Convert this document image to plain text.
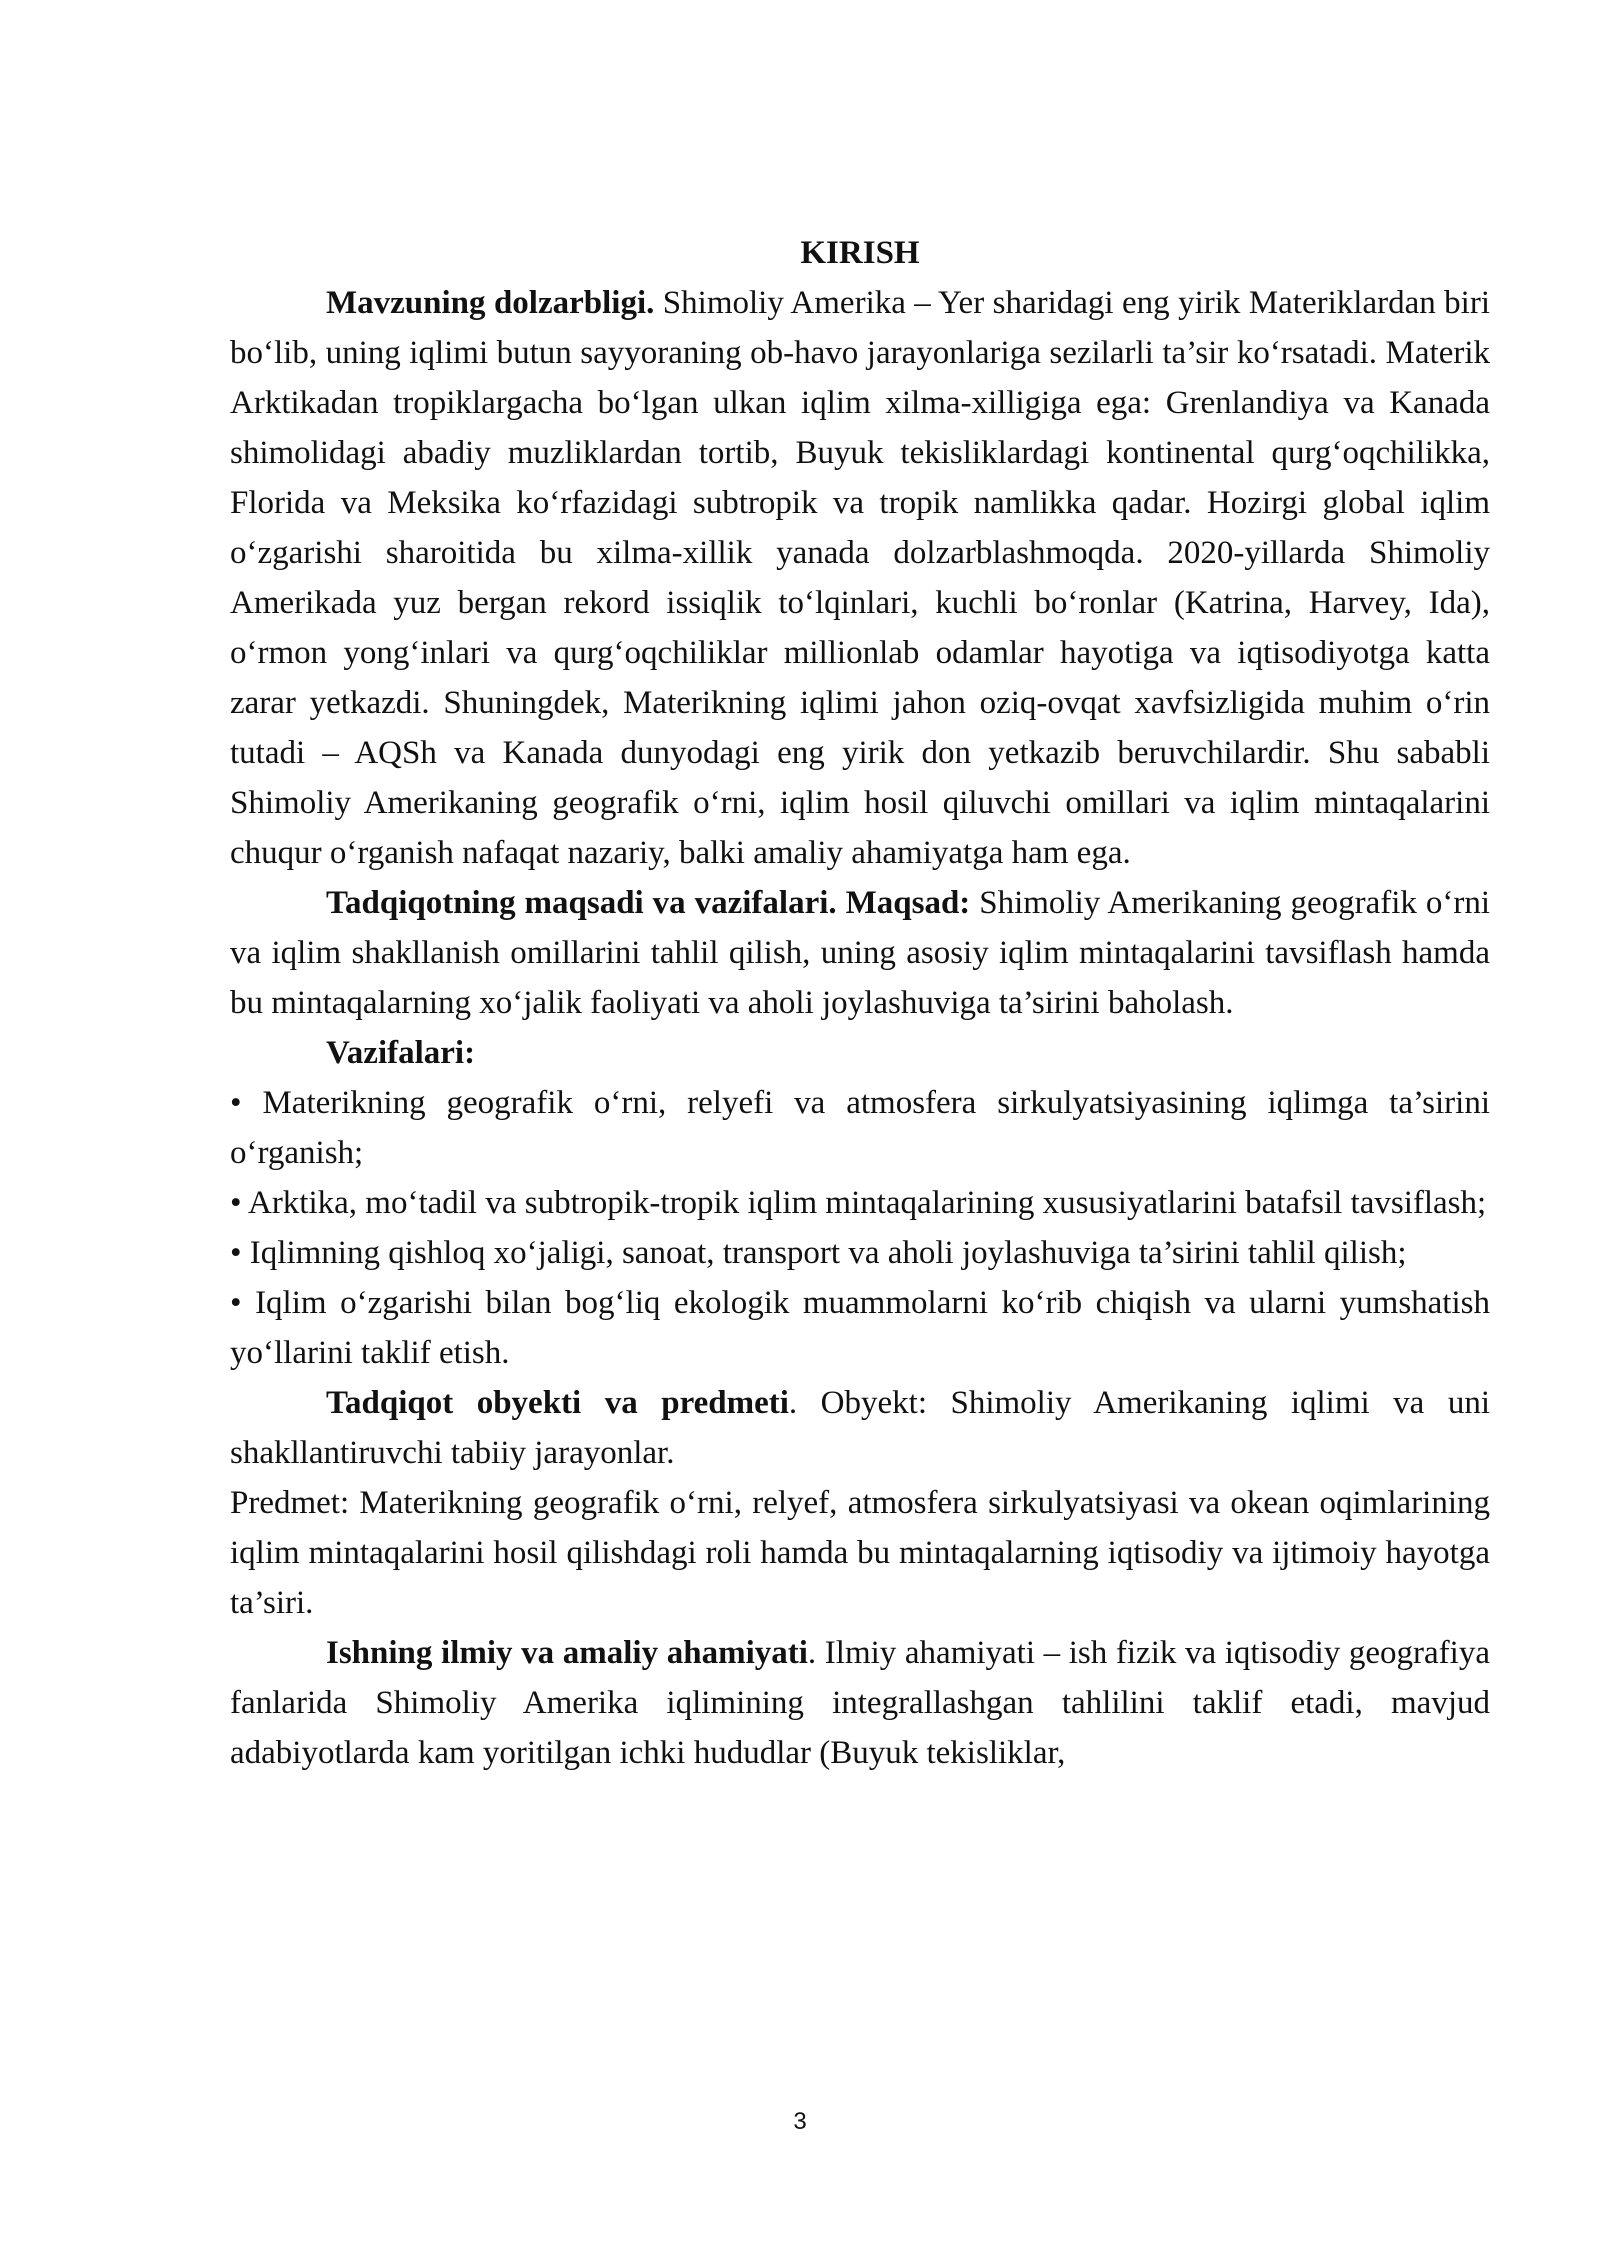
KIRISH

Mavzuning dolzarbligi. Shimoliy Amerika – Yer sharidagi eng yirik Materiklardan biri bo‘lib, uning iqlimi butun sayyoraning ob-havo jarayonlariga sezilarli ta’sir ko‘rsatadi. Materik Arktikadan tropiklargacha bo‘lgan ulkan iqlim xilma-xilligiga ega: Grenlandiya va Kanada shimolidagi abadiy muzliklardan tortib, Buyuk tekisliklardagi kontinental qurg‘oqchilikka, Florida va Meksika ko‘rfazidagi subtropik va tropik namlikka qadar. Hozirgi global iqlim o‘zgarishi sharoitida bu xilma-xillik yanada dolzarblashmoqda. 2020-yillarda Shimoliy Amerikada yuz bergan rekord issiqlik to‘lqinlari, kuchli bo‘ronlar (Katrina, Harvey, Ida), o‘rmon yong‘inlari va qurg‘oqchiliklar millionlab odamlar hayotiga va iqtisodiyotga katta zarar yetkazdi. Shuningdek, Materikning iqlimi jahon oziq-ovqat xavfsizligida muhim o‘rin tutadi – AQSh va Kanada dunyodagi eng yirik don yetkazib beruvchilardir. Shu sababli Shimoliy Amerikaning geografik o‘rni, iqlim hosil qiluvchi omillari va iqlim mintaqalarini chuqur o‘rganish nafaqat nazariy, balki amaliy ahamiyatga ham ega.

Tadqiqotning maqsadi va vazifalari. Maqsad: Shimoliy Amerikaning geografik o‘rni va iqlim shakllanish omillarini tahlil qilish, uning asosiy iqlim mintaqalarini tavsiflash hamda bu mintaqalarning xo‘jalik faoliyati va aholi joylashuviga ta’sirini baholash.

Vazifalari:

• Materikning geografik o‘rni, relyefi va atmosfera sirkulyatsiyasining iqlimga ta’sirini o‘rganish;

• Arktika, mo‘tadil va subtropik-tropik iqlim mintaqalarining xususiyatlarini batafsil tavsiflash;

• Iqlimning qishloq xo‘jaligi, sanoat, transport va aholi joylashuviga ta’sirini tahlil qilish;

• Iqlim o‘zgarishi bilan bog‘liq ekologik muammolarni ko‘rib chiqish va ularni yumshatish yo‘llarini taklif etish.

Tadqiqot obyekti va predmeti. Obyekt: Shimoliy Amerikaning iqlimi va uni shakllantiruvchi tabiiy jarayonlar.

Predmet: Materikning geografik o‘rni, relyef, atmosfera sirkulyatsiyasi va okean oqimlarining iqlim mintaqalarini hosil qilishdagi roli hamda bu mintaqalarning iqtisodiy va ijtimoiy hayotga ta’siri.

Ishning ilmiy va amaliy ahamiyati. Ilmiy ahamiyati – ish fizik va iqtisodiy geografiya fanlarida Shimoliy Amerika iqlimining integrallashgan tahlilini taklif etadi, mavjud adabiyotlarda kam yoritilgan ichki hududlar (Buyuk tekisliklar,

3
